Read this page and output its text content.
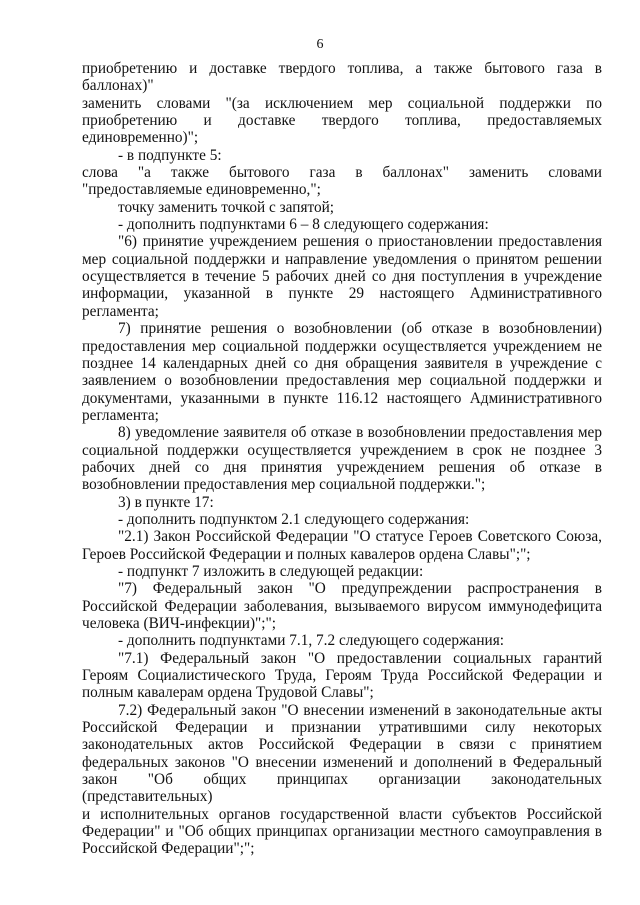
6

приобретению и доставке твердого топлива, а также бытового газа в баллонах)"

заменить словами "(за исключением мер социальной поддержки по

приобретению и доставке твердого топлива, предоставляемых

единовременно)";

- в подпункте 5:

слова "а также бытового газа в баллонах" заменить словами

"предоставляемые единовременно,";

точку заменить точкой с запятой;

- дополнить подпунктами 6 – 8 следующего содержания:

"6) принятие учреждением решения о приостановлении предоставления

мер социальной поддержки и направление уведомления о принятом решении

осуществляется в течение 5 рабочих дней со дня поступления в учреждение

информации, указанной в пункте 29 настоящего Административного

регламента;

7) принятие решения о возобновлении (об отказе в возобновлении)

предоставления мер социальной поддержки осуществляется учреждением не

позднее 14 календарных дней со дня обращения заявителя в учреждение с

заявлением о возобновлении предоставления мер социальной поддержки и

документами, указанными в пункте 116.12 настоящего Административного

регламента;

8) уведомление заявителя об отказе в возобновлении предоставления мер

социальной поддержки осуществляется учреждением в срок не позднее 3

рабочих дней со дня принятия учреждением решения об отказе в

возобновлении предоставления мер социальной поддержки.";

3) в пункте 17:

- дополнить подпунктом 2.1 следующего содержания:

"2.1) Закон Российской Федерации "О статусе Героев Советского Союза,

Героев Российской Федерации и полных кавалеров ордена Славы";";

- подпункт 7 изложить в следующей редакции:

"7) Федеральный закон "О предупреждении распространения в

Российской Федерации заболевания, вызываемого вирусом иммунодефицита

человека (ВИЧ-инфекции)";";

- дополнить подпунктами 7.1, 7.2 следующего содержания:

"7.1) Федеральный закон "О предоставлении социальных гарантий

Героям Социалистического Труда, Героям Труда Российской Федерации и

полным кавалерам ордена Трудовой Славы";

7.2) Федеральный закон "О внесении изменений в законодательные акты

Российской Федерации и признании утратившими силу некоторых

законодательных актов Российской Федерации в связи с принятием

федеральных законов "О внесении изменений и дополнений в Федеральный

закон "Об общих принципах организации законодательных (представительных)

и исполнительных органов государственной власти субъектов Российской

Федерации" и "Об общих принципах организации местного самоуправления в

Российской Федерации";";
